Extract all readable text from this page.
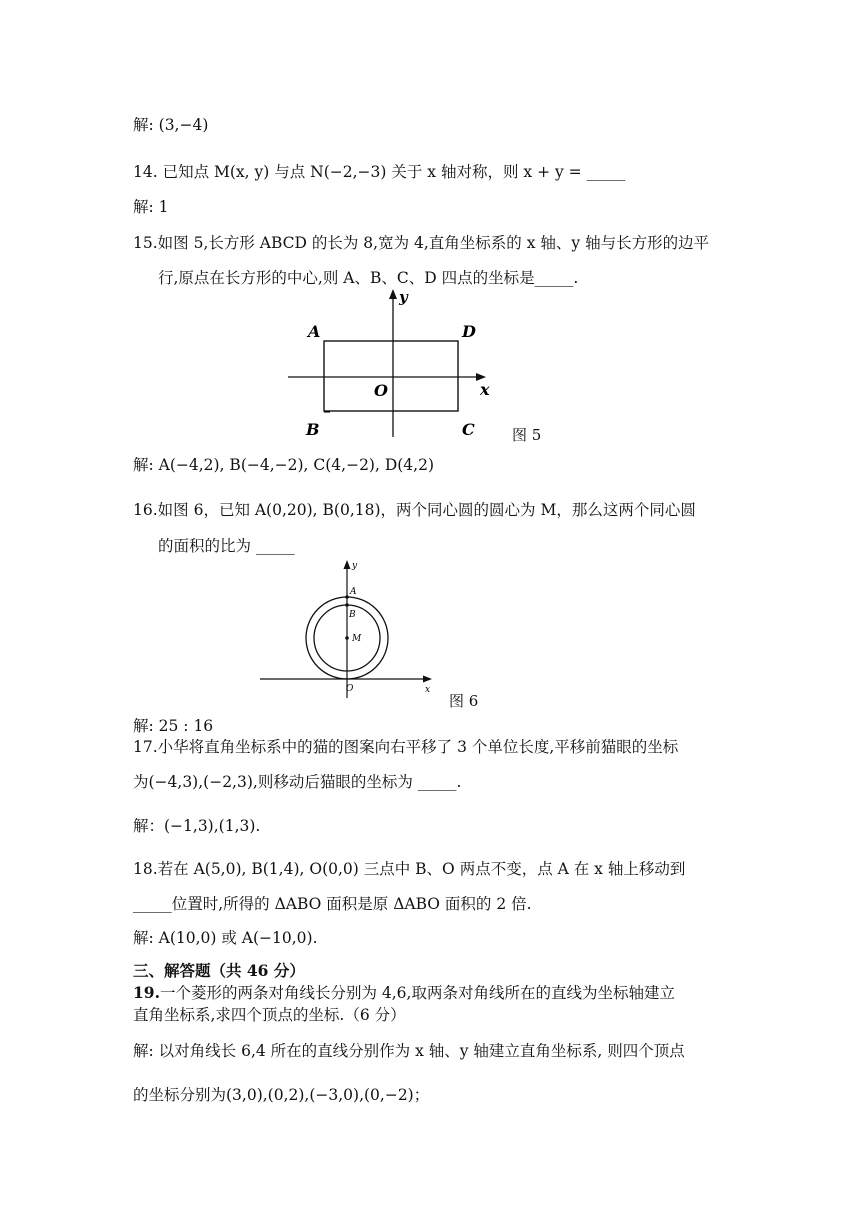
解: (3,−4)
14. 已知点 M(x, y) 与点 N(−2,−3) 关于 x 轴对称，则 x + y = _____
解: 1
15.如图 5,长方形 ABCD 的长为 8,宽为 4,直角坐标系的 x 轴、y 轴与长方形的边平
行,原点在长方形的中心,则 A、B、C、D 四点的坐标是_____.
y
A	D
O	x
B	C 图 5
解: A(−4,2), B(−4,−2), C(4,−2), D(4,2)
16.如图 6，已知 A(0,20), B(0,18)，两个同心圆的圆心为 M，那么这两个同心圆
的面积的比为 _____
y
A
B
M
O	x
图 6
解: 25 : 16
17.小华将直角坐标系中的猫的图案向右平移了 3 个单位长度,平移前猫眼的坐标
为(−4,3),(−2,3),则移动后猫眼的坐标为 _____.
解：(−1,3),(1,3).
18.若在 A(5,0), B(1,4), O(0,0) 三点中 B、O 两点不变，点 A 在 x 轴上移动到
_____位置时,所得的 ΔABO 面积是原 ΔABO 面积的 2 倍.
解: A(10,0) 或 A(−10,0).
三、解答题（共 46 分）
19.一个菱形的两条对角线长分别为 4,6,取两条对角线所在的直线为坐标轴建立
直角坐标系,求四个顶点的坐标.（6 分）
解: 以对角线长 6,4 所在的直线分别作为 x 轴、y 轴建立直角坐标系, 则四个顶点
的坐标分别为(3,0),(0,2),(−3,0),(0,−2)；
